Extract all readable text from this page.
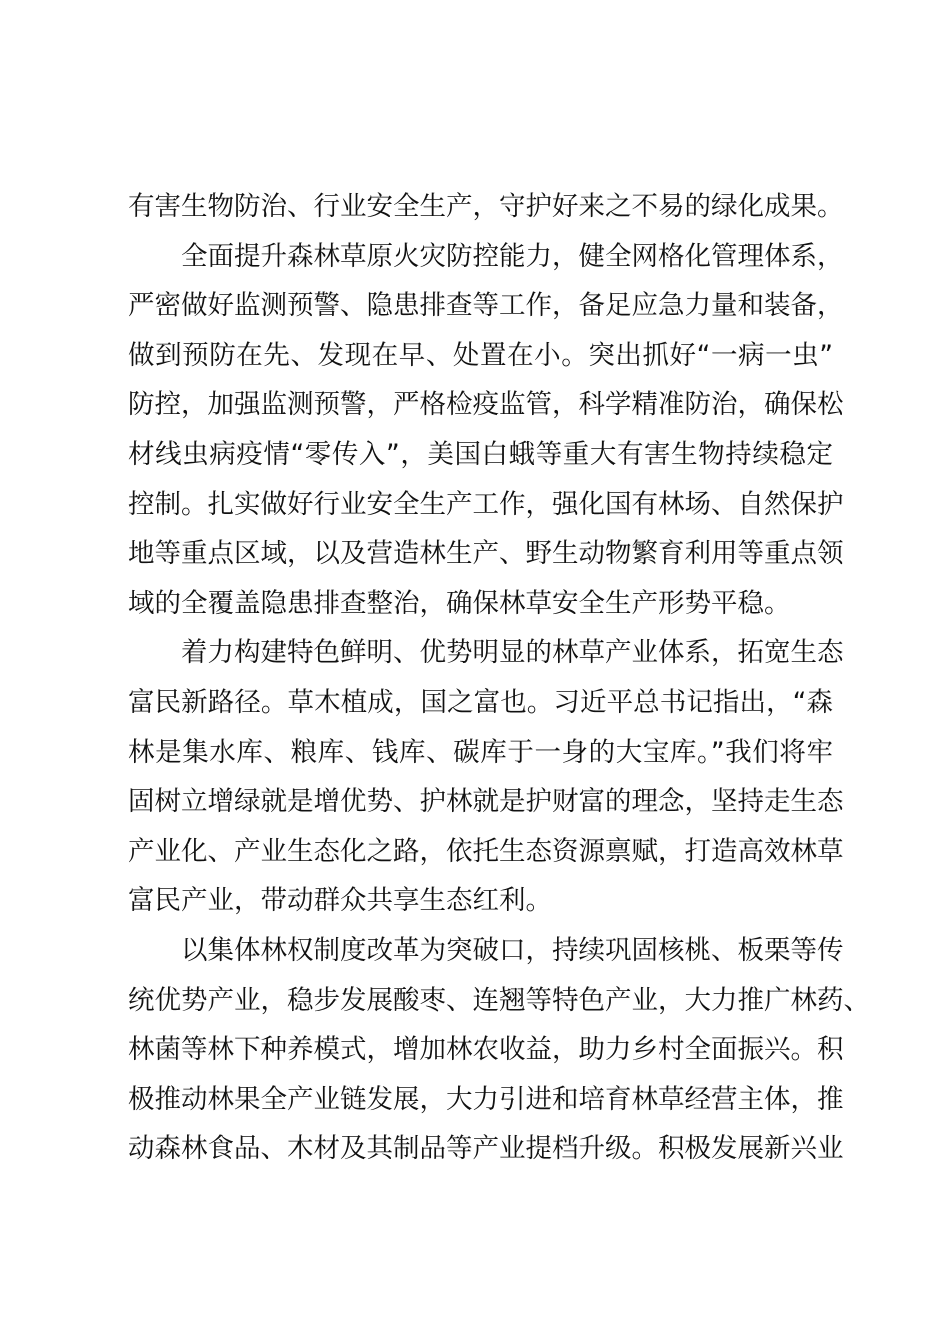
有害生物防治、行业安全生产，守护好来之不易的绿化成果。
全面提升森林草原火灾防控能力，健全网格化管理体系，
严密做好监测预警、隐患排查等工作，备足应急力量和装备，
做到预防在先、发现在早、处置在小。突出抓好“一病一虫”
防控，加强监测预警，严格检疫监管，科学精准防治，确保松
材线虫病疫情“零传入”，美国白蛾等重大有害生物持续稳定
控制。扎实做好行业安全生产工作，强化国有林场、自然保护
地等重点区域，以及营造林生产、野生动物繁育利用等重点领
域的全覆盖隐患排查整治，确保林草安全生产形势平稳。
着力构建特色鲜明、优势明显的林草产业体系，拓宽生态
富民新路径。草木植成，国之富也。习近平总书记指出，“森
林是集水库、粮库、钱库、碳库于一身的大宝库。”我们将牢
固树立增绿就是增优势、护林就是护财富的理念，坚持走生态
产业化、产业生态化之路，依托生态资源禀赋，打造高效林草
富民产业，带动群众共享生态红利。
以集体林权制度改革为突破口，持续巩固核桃、板栗等传
统优势产业，稳步发展酸枣、连翘等特色产业，大力推广林药、
林菌等林下种养模式，增加林农收益，助力乡村全面振兴。积
极推动林果全产业链发展，大力引进和培育林草经营主体，推
动森林食品、木材及其制品等产业提档升级。积极发展新兴业
